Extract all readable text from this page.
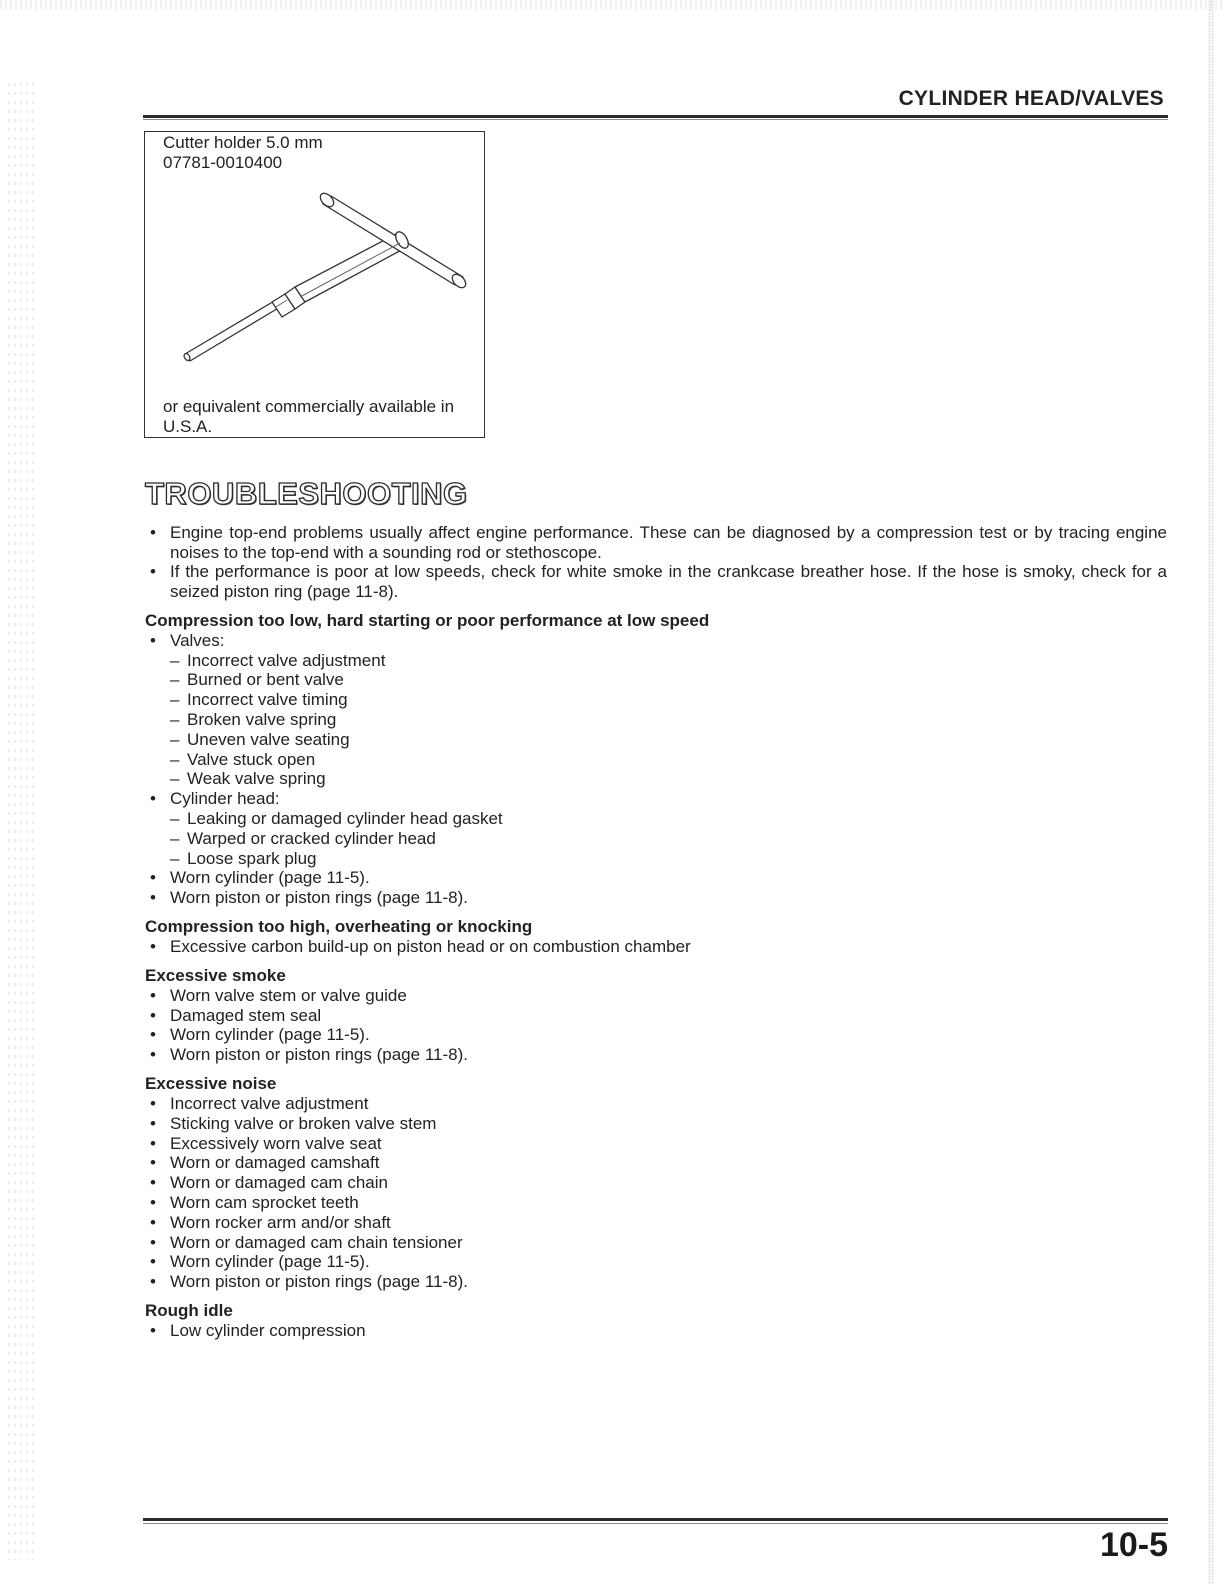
CYLINDER HEAD/VALVES
Cutter holder 5.0 mm
07781-0010400
or equivalent commercially available in U.S.A.
TROUBLESHOOTING
• Engine top-end problems usually affect engine performance. These can be diagnosed by a compression test or by tracing engine noises to the top-end with a sounding rod or stethoscope.
• If the performance is poor at low speeds, check for white smoke in the crankcase breather hose. If the hose is smoky, check for a seized piston ring (page 11-8).
Compression too low, hard starting or poor performance at low speed
• Valves:
– Incorrect valve adjustment
– Burned or bent valve
– Incorrect valve timing
– Broken valve spring
– Uneven valve seating
– Valve stuck open
– Weak valve spring
• Cylinder head:
– Leaking or damaged cylinder head gasket
– Warped or cracked cylinder head
– Loose spark plug
• Worn cylinder (page 11-5).
• Worn piston or piston rings (page 11-8).
Compression too high, overheating or knocking
• Excessive carbon build-up on piston head or on combustion chamber
Excessive smoke
• Worn valve stem or valve guide
• Damaged stem seal
• Worn cylinder (page 11-5).
• Worn piston or piston rings (page 11-8).
Excessive noise
• Incorrect valve adjustment
• Sticking valve or broken valve stem
• Excessively worn valve seat
• Worn or damaged camshaft
• Worn or damaged cam chain
• Worn cam sprocket teeth
• Worn rocker arm and/or shaft
• Worn or damaged cam chain tensioner
• Worn cylinder (page 11-5).
• Worn piston or piston rings (page 11-8).
Rough idle
• Low cylinder compression
10-5
